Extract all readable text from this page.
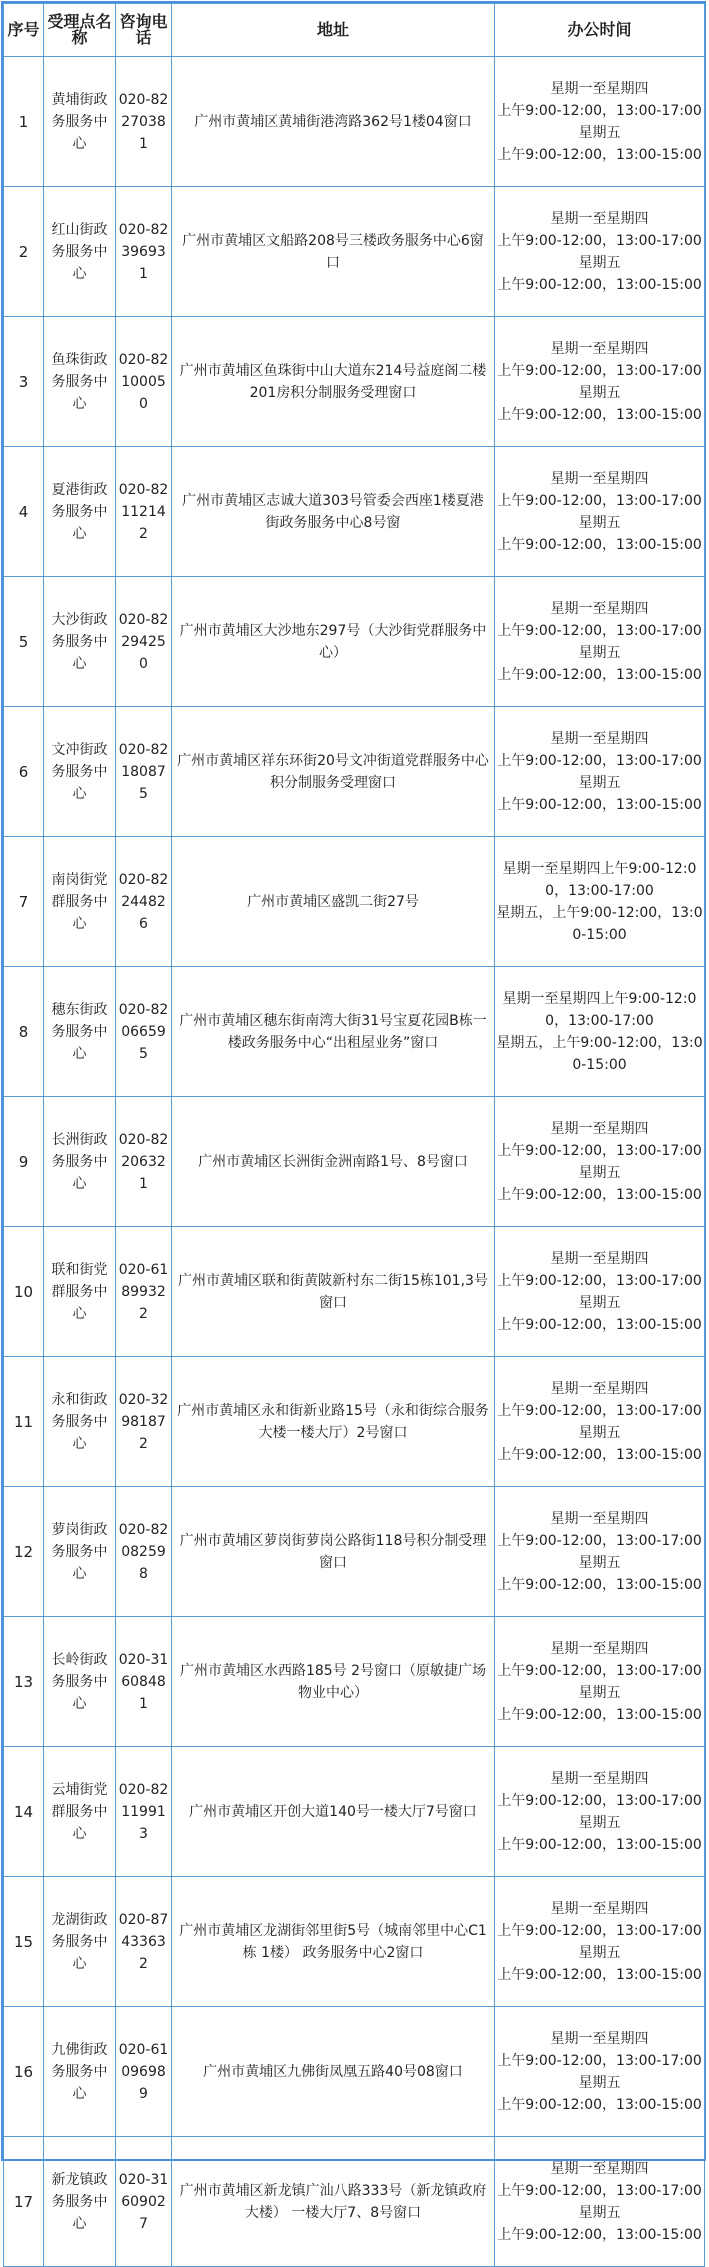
序号	受理点名称	咨询电话	地址	办公时间
1	黄埔街政务服务中心	020-82270381	广州市黄埔区黄埔街港湾路362号1楼04窗口	星期一至星期四
上午9:00-12:00，13:00-17:00
星期五
上午9:00-12:00，13:00-15:00

2	红山街政务服务中心	020-82396931	广州市黄埔区文船路208号三楼政务服务中心6窗口	星期一至星期四
上午9:00-12:00，13:00-17:00
星期五
上午9:00-12:00，13:00-15:00

3	鱼珠街政务服务中心	020-82100050	广州市黄埔区鱼珠街中山大道东214号益庭阁二楼 201房积分制服务受理窗口	星期一至星期四
上午9:00-12:00，13:00-17:00
星期五
上午9:00-12:00，13:00-15:00

4	夏港街政务服务中心	020-82112142	广州市黄埔区志诚大道303号管委会西座1楼夏港街政务服务中心8号窗	星期一至星期四
上午9:00-12:00，13:00-17:00
星期五
上午9:00-12:00，13:00-15:00

5	大沙街政务服务中心	020-82294250	广州市黄埔区大沙地东297号（大沙街党群服务中心）	星期一至星期四
上午9:00-12:00，13:00-17:00
星期五
上午9:00-12:00，13:00-15:00

6	文冲街政务服务中心	020-82180875	广州市黄埔区祥东环街20号文冲街道党群服务中心积分制服务受理窗口	星期一至星期四
上午9:00-12:00，13:00-17:00
星期五
上午9:00-12:00，13:00-15:00

7	南岗街党群服务中心	020-82244826	广州市黄埔区盛凯二街27号	星期一至星期四上午9:00-12:00，13:00-17:00
星期五，上午9:00-12:00，13:00-15:00

8	穗东街政务服务中心	020-82066595	广州市黄埔区穗东街南湾大街31号宝夏花园B栋一楼政务服务中心“出租屋业务”窗口	星期一至星期四上午9:00-12:00，13:00-17:00
星期五，上午9:00-12:00，13:00-15:00

9	长洲街政务服务中心	020-82206321	广州市黄埔区长洲街金洲南路1号、8号窗口	星期一至星期四
上午9:00-12:00，13:00-17:00
星期五
上午9:00-12:00，13:00-15:00

10	联和街党群服务中心	020-61899322	广州市黄埔区联和街黄陂新村东二街15栋101,3号窗口	星期一至星期四
上午9:00-12:00，13:00-17:00
星期五
上午9:00-12:00，13:00-15:00

11	永和街政务服务中心	020-32981872	广州市黄埔区永和街新业路15号（永和街综合服务大楼一楼大厅）2号窗口	星期一至星期四
上午9:00-12:00，13:00-17:00
星期五
上午9:00-12:00，13:00-15:00

12	萝岗街政务服务中心	020-82082598	广州市黄埔区萝岗街萝岗公路街118号积分制受理窗口	星期一至星期四
上午9:00-12:00，13:00-17:00
星期五
上午9:00-12:00，13:00-15:00

13	长岭街政务服务中心	020-31608481	广州市黄埔区水西路185号 2号窗口（原敏捷广场物业中心）	星期一至星期四
上午9:00-12:00，13:00-17:00
星期五
上午9:00-12:00，13:00-15:00

14	云埔街党群服务中心	020-82119913	广州市黄埔区开创大道140号一楼大厅7号窗口	星期一至星期四
上午9:00-12:00，13:00-17:00
星期五
上午9:00-12:00，13:00-15:00

15	龙湖街政务服务中心	020-87433632	广州市黄埔区龙湖街邻里街5号（城南邻里中心C1栋 1楼） 政务服务中心2窗口	星期一至星期四
上午9:00-12:00，13:00-17:00
星期五
上午9:00-12:00，13:00-15:00

16	九佛街政务服务中心	020-61096989	广州市黄埔区九佛街凤凰五路40号08窗口	星期一至星期四
上午9:00-12:00，13:00-17:00
星期五
上午9:00-12:00，13:00-15:00

17	新龙镇政务服务中心	020-31609027	广州市黄埔区新龙镇广汕八路333号（新龙镇政府大楼） 一楼大厅7、8号窗口	星期一至星期四
上午9:00-12:00，13:00-17:00
星期五
上午9:00-12:00，13:00-15:00
